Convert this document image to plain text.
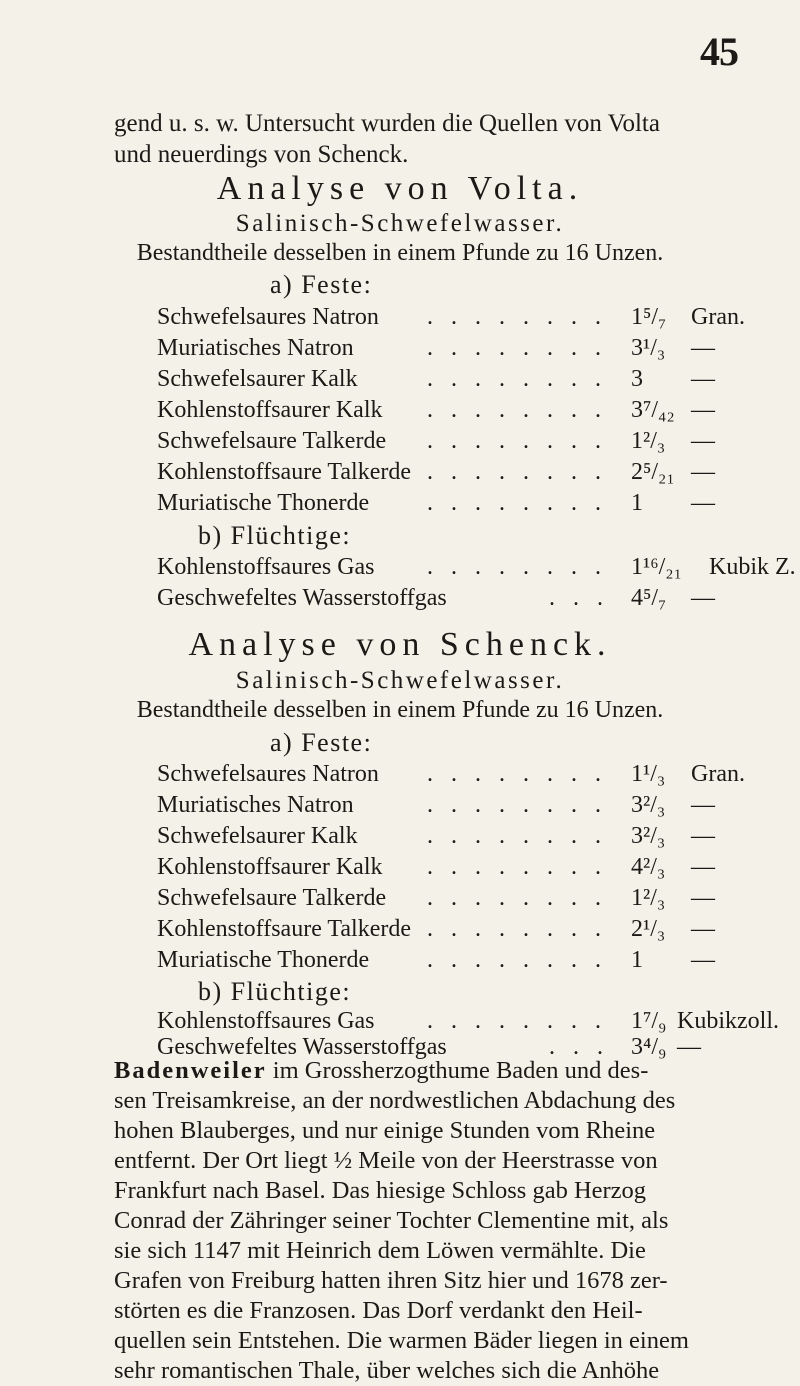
45
gend u. s. w. Untersucht wurden die Quellen von Volta
und neuerdings von Schenck.
Analyse von Volta.
Salinisch-Schwefelwasser.
Bestandtheile desselben in einem Pfunde zu 16 Unzen.
a) Feste:
Schwefelsaures Natron . . . . . . . . 1⁵/₇ Gran.
Muriatisches Natron	. . . . . . . . 3¹/₃ —
Schwefelsaurer Kalk	. . . . . . . . 3 —
Kohlenstoffsaurer Kalk . . . . . . . . 3⁷/₄₂ —
Schwefelsaure Talkerde . . . . . . . . 1²/₃ —
Kohlenstoffsaure Talkerde . . . . . . . . 2⁵/₂₁ —
Muriatische Thonerde . . . . . . . . 1 —
b) Flüchtige:
Kohlenstoffsaures Gas . . . . . . . . 1¹⁶/₂₁ Kubik Z.
Geschwefeltes Wasserstoffgas	. . . 4⁵/₇ —
Analyse von Schenck.
Salinisch-Schwefelwasser.
Bestandtheile desselben in einem Pfunde zu 16 Unzen.
a) Feste:
Schwefelsaures Natron . . . . . . . . 1¹/₃ Gran.
Muriatisches Natron	. . . . . . . . 3²/₃ —
Schwefelsaurer Kalk	. . . . . . . . 3²/₃ —
Kohlenstoffsaurer Kalk . . . . . . . . 4²/₃ —
Schwefelsaure Talkerde . . . . . . . . 1²/₃ —
Kohlenstoffsaure Talkerde . . . . . . . . 2¹/₃ —
Muriatische Thonerde . . . . . . . . 1 —
b) Flüchtige:
Kohlenstoffsaures Gas . . . . . . . . 1⁷/₉ Kubikzoll.
Geschwefeltes Wasserstoffgas	. . . 3⁴/₉ —
Badenweiler im Grossherzogthume Baden und des-
sen Treisamkreise, an der nordwestlichen Abdachung des
hohen Blauberges, und nur einige Stunden vom Rheine
entfernt. Der Ort liegt ½ Meile von der Heerstrasse von
Frankfurt nach Basel. Das hiesige Schloss gab Herzog
Conrad der Zähringer seiner Tochter Clementine mit, als
sie sich 1147 mit Heinrich dem Löwen vermählte. Die
Grafen von Freiburg hatten ihren Sitz hier und 1678 zer-
störten es die Franzosen. Das Dorf verdankt den Heil-
quellen sein Entstehen. Die warmen Bäder liegen in einem
sehr romantischen Thale, über welches sich die Anhöhe
